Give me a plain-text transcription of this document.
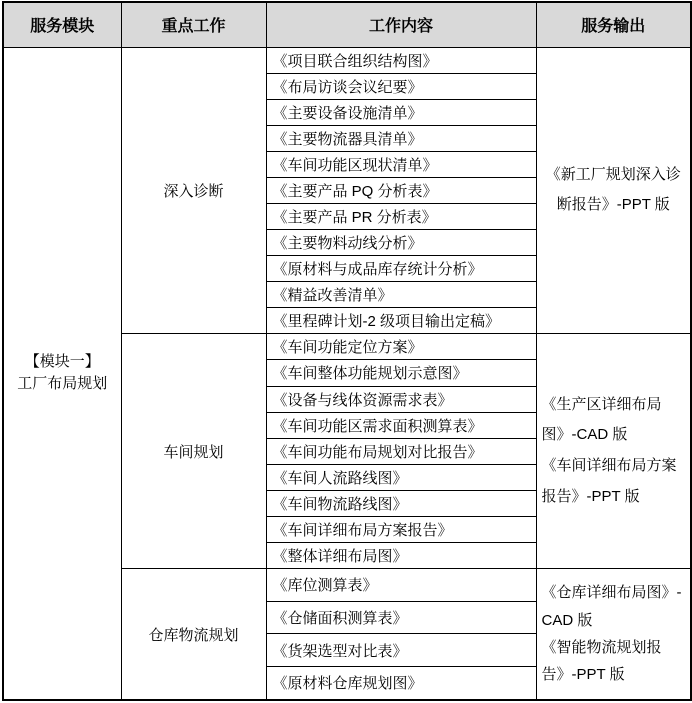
服务模块	重点工作	工作内容	服务输出

【模块一】
工厂布局规划	深入诊断	《项目联合组织结构图》	《新工厂规划深入诊断报告》-PPT 版

		《布局访谈会议纪要》	
		《主要设备设施清单》	
		《主要物流器具清单》	
		《车间功能区现状清单》	
		《主要产品 PQ 分析表》	
		《主要产品 PR 分析表》	
		《主要物料动线分析》	
		《原材料与成品库存统计分析》	
		《精益改善清单》	
		《里程碑计划-2 级项目输出定稿》	
	车间规划	《车间功能定位方案》	《生产区详细布局图》-CAD 版
《车间详细布局方案报告》-PPT 版

		《车间整体功能规划示意图》	
		《设备与线体资源需求表》	
		《车间功能区需求面积测算表》	
		《车间功能布局规划对比报告》	
		《车间人流路线图》	
		《车间物流路线图》	
		《车间详细布局方案报告》	
		《整体详细布局图》	
	仓库物流规划	《库位测算表》	《仓库详细布局图》-CAD 版
《智能物流规划报告》-PPT 版

		《仓储面积测算表》	
		《货架选型对比表》	
		《原材料仓库规划图》	
